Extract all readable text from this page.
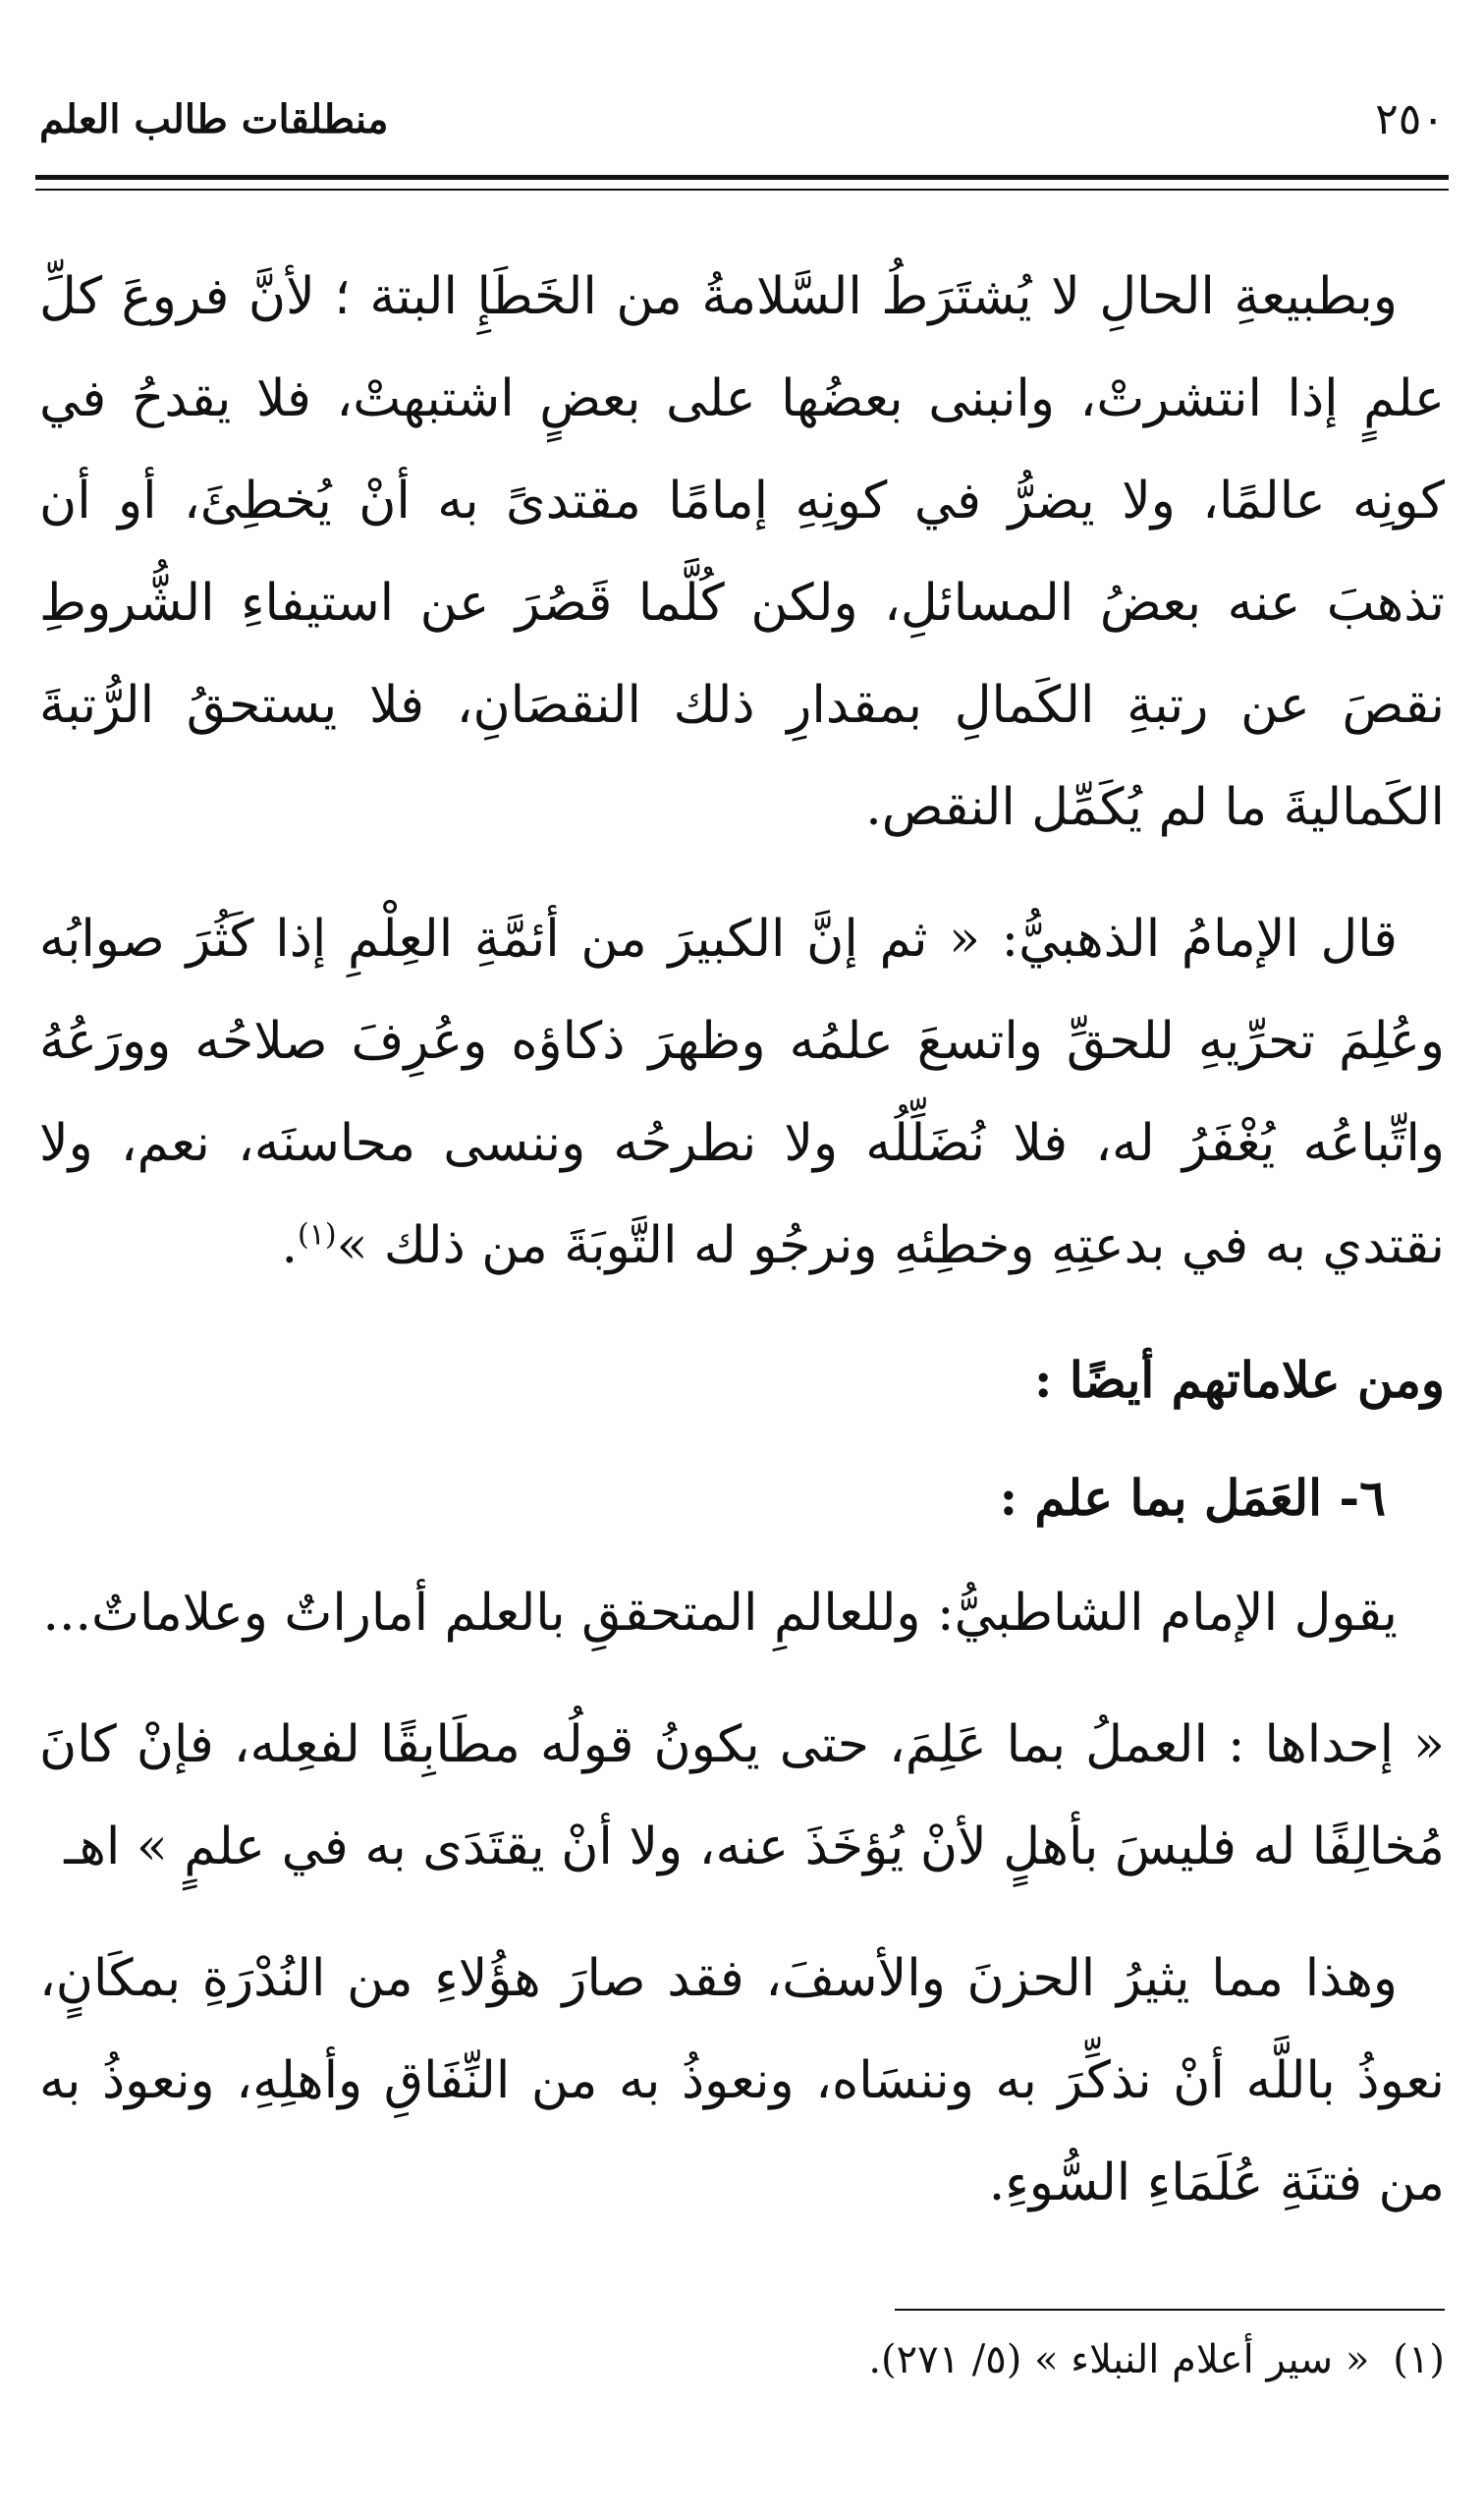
٢٥٠
منطلقات طالب العلم

وبطبيعةِ الحالِ لا يُشتَرَطُ السَّلامةُ من الخَطَإِ البتة ؛ لأنَّ فروعَ كلِّ علمٍ إذا انتشرتْ، وانبنى بعضُها على بعضٍ اشتبهتْ، فلا يقدحُ في كونِه عالمًا، ولا يضرُّ في كونِهِ إمامًا مقتدىً به أنْ يُخطِئَ، أو أن تذهبَ عنه بعضُ المسائلِ، ولكن كُلَّما قَصُرَ عن استيفاءِ الشُّروطِ نقصَ عن رتبةِ الكَمالِ بمقدارِ ذلك النقصَانِ، فلا يستحقُ الرُّتبةَ الكَماليةَ ما لم يُكَمِّل النقص.

قال الإمامُ الذهبيُّ: « ثم إنَّ الكبيرَ من أئمَّةِ العِلْمِ إذا كَثُرَ صوابُه وعُلِمَ تحرِّيهِ للحقِّ واتسعَ علمُه وظهرَ ذكاؤه وعُرِفَ صلاحُه وورَعُهُ واتِّباعُه يُغْفَرُ له، فلا نُضَلِّلُه ولا نطرحُه وننسى محاسنَه، نعم، ولا نقتدي به في بدعتِهِ وخطِئهِ ونرجُو له التَّوبَةَ من ذلك »$^{(١)}$.

ومن علاماتهم أيضًا :
٦- العَمَل بما علم :

يقول الإمام الشاطبيُّ: وللعالمِ المتحققِ بالعلم أماراتٌ وعلاماتٌ...

« إحداها : العملُ بما عَلِمَ، حتى يكونُ قولُه مطَابِقًا لفعِله، فإنْ كانَ مُخالِفًا له فليسَ بأهلٍ لأنْ يُؤخَذَ عنه، ولا أنْ يقتَدَى به في علمٍ » اهـ

وهذا مما يثيرُ الحزنَ والأسفَ، فقد صارَ هؤُلاءِ من النُدْرَةِ بمكَانٍ، نعوذُ باللَّه أنْ نذكِّرَ به وننسَاه، ونعوذُ به من النِّفَاقِ وأهلِهِ، ونعوذُ به من فتنَةِ عُلَمَاءِ السُّوءِ.

(١)« سير أعلام النبلاء » (٥/ ٢٧١).
